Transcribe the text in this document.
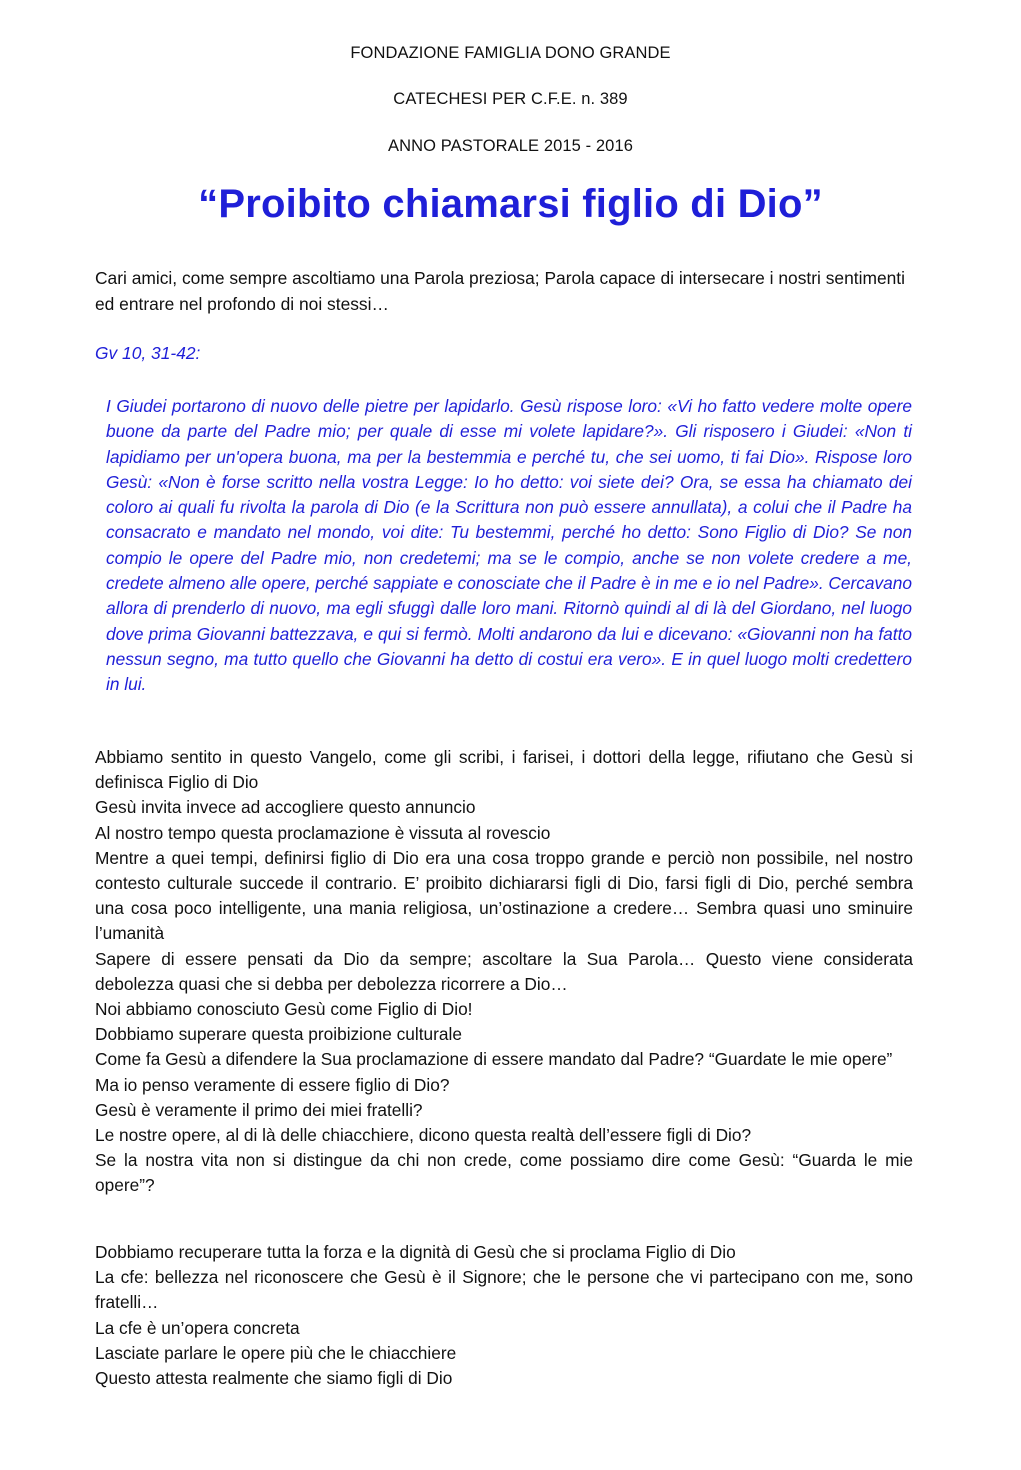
FONDAZIONE FAMIGLIA DONO GRANDE
CATECHESI PER C.F.E. n. 389
ANNO PASTORALE 2015 - 2016
“Proibito chiamarsi figlio di Dio”
Cari amici, come sempre ascoltiamo una Parola preziosa; Parola capace di intersecare i nostri sentimenti ed entrare nel profondo di noi stessi…
Gv 10, 31-42:
I Giudei portarono di nuovo delle pietre per lapidarlo. Gesù rispose loro: «Vi ho fatto vedere molte opere buone da parte del Padre mio; per quale di esse mi volete lapidare?». Gli risposero i Giudei: «Non ti lapidiamo per un'opera buona, ma per la bestemmia e perché tu, che sei uomo, ti fai Dio». Rispose loro Gesù: «Non è forse scritto nella vostra Legge: Io ho detto: voi siete dei? Ora, se essa ha chiamato dei coloro ai quali fu rivolta la parola di Dio (e la Scrittura non può essere annullata), a colui che il Padre ha consacrato e mandato nel mondo, voi dite: Tu bestemmi, perché ho detto: Sono Figlio di Dio? Se non compio le opere del Padre mio, non credetemi; ma se le compio, anche se non volete credere a me, credete almeno alle opere, perché sappiate e conosciate che il Padre è in me e io nel Padre». Cercavano allora di prenderlo di nuovo, ma egli sfuggì dalle loro mani. Ritornò quindi al di là del Giordano, nel luogo dove prima Giovanni battezzava, e qui si fermò. Molti andarono da lui e dicevano: «Giovanni non ha fatto nessun segno, ma tutto quello che Giovanni ha detto di costui era vero». E in quel luogo molti credettero in lui.
Abbiamo sentito in questo Vangelo, come gli scribi, i farisei, i dottori della legge, rifiutano che Gesù si definisca Figlio di Dio
Gesù invita invece ad accogliere questo annuncio
Al nostro tempo questa proclamazione è vissuta al rovescio
Mentre a quei tempi, definirsi figlio di Dio era una cosa troppo grande e perciò non possibile, nel nostro contesto culturale succede il contrario. E’ proibito dichiararsi figli di Dio, farsi figli di Dio, perché sembra una cosa poco intelligente, una mania religiosa, un’ostinazione a credere… Sembra quasi uno sminuire l’umanità
Sapere di essere pensati da Dio da sempre; ascoltare la Sua Parola… Questo viene considerata debolezza quasi che si debba per debolezza ricorrere a Dio…
Noi abbiamo conosciuto Gesù come Figlio di Dio!
Dobbiamo superare questa proibizione culturale
Come fa Gesù a difendere la Sua proclamazione di essere mandato dal Padre? “Guardate le mie opere”
Ma io penso veramente di essere figlio di Dio?
Gesù è veramente il primo dei miei fratelli?
Le nostre opere, al di là delle chiacchiere, dicono questa realtà dell’essere figli di Dio?
Se la nostra vita non si distingue da chi non crede, come possiamo dire come Gesù: “Guarda le mie opere”?
Dobbiamo recuperare tutta la forza e la dignità di Gesù che si proclama Figlio di Dio
La cfe: bellezza nel riconoscere che Gesù è il Signore; che le persone che vi partecipano con me, sono fratelli…
La cfe è un’opera concreta
Lasciate parlare le opere più che le chiacchiere
Questo attesta realmente che siamo figli di Dio
